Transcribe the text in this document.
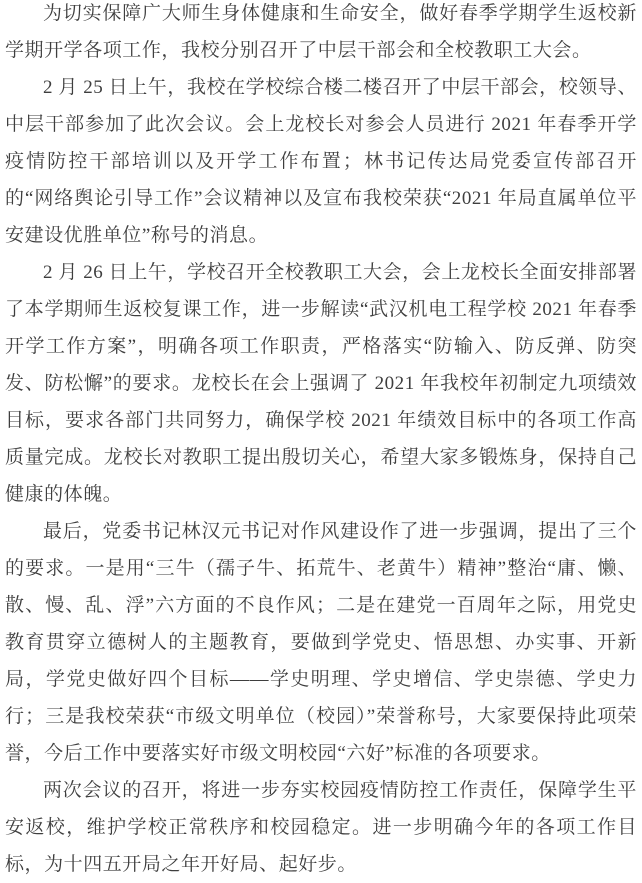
为切实保障广大师生身体健康和生命安全，做好春季学期学生返校新学期开学各项工作，我校分别召开了中层干部会和全校教职工大会。

2 月 25 日上午，我校在学校综合楼二楼召开了中层干部会，校领导、中层干部参加了此次会议。会上龙校长对参会人员进行 2021 年春季开学疫情防控干部培训以及开学工作布置；林书记传达局党委宣传部召开的“网络舆论引导工作”会议精神以及宣布我校荣获“2021 年局直属单位平安建设优胜单位”称号的消息。

2 月 26 日上午，学校召开全校教职工大会，会上龙校长全面安排部署了本学期师生返校复课工作，进一步解读“武汉机电工程学校 2021 年春季开学工作方案”，明确各项工作职责，严格落实“防输入、防反弹、防突发、防松懈”的要求。龙校长在会上强调了 2021 年我校年初制定九项绩效目标，要求各部门共同努力，确保学校 2021 年绩效目标中的各项工作高质量完成。龙校长对教职工提出殷切关心，希望大家多锻炼身，保持自己健康的体魄。

最后，党委书记林汉元书记对作风建设作了进一步强调，提出了三个的要求。一是用“三牛（孺子牛、拓荒牛、老黄牛）精神”整治“庸、懒、散、慢、乱、浮”六方面的不良作风；二是在建党一百周年之际，用党史教育贯穿立德树人的主题教育，要做到学党史、悟思想、办实事、开新局，学党史做好四个目标——学史明理、学史增信、学史崇德、学史力行；三是我校荣获“市级文明单位（校园）”荣誉称号，大家要保持此项荣誉，今后工作中要落实好市级文明校园“六好”标准的各项要求。

两次会议的召开，将进一步夯实校园疫情防控工作责任，保障学生平安返校，维护学校正常秩序和校园稳定。进一步明确今年的各项工作目标，为十四五开局之年开好局、起好步。
